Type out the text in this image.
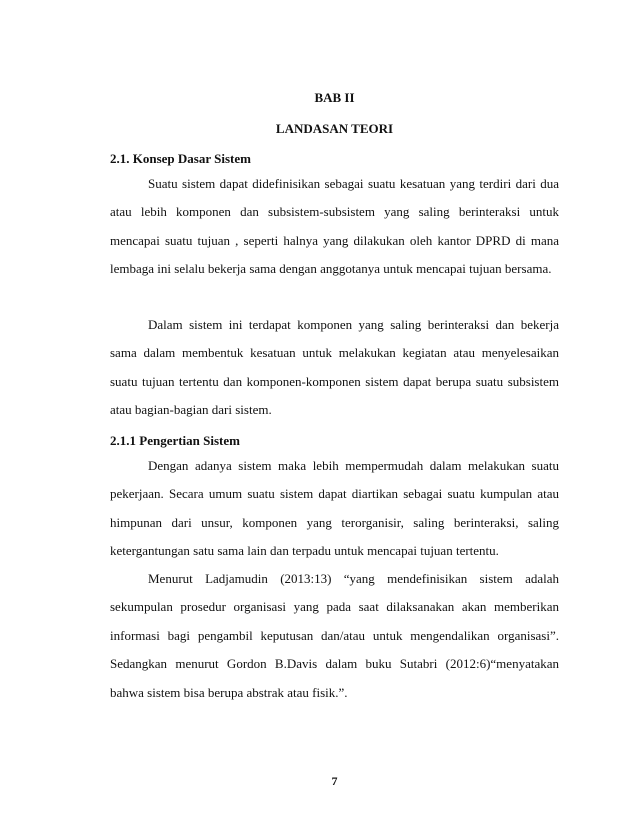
BAB II
LANDASAN TEORI
2.1. Konsep Dasar Sistem

Suatu sistem dapat didefinisikan sebagai suatu kesatuan yang terdiri dari dua atau lebih komponen dan subsistem-subsistem yang saling berinteraksi untuk mencapai suatu tujuan , seperti halnya yang dilakukan oleh kantor DPRD di mana lembaga ini selalu bekerja sama dengan anggotanya untuk mencapai tujuan bersama.

Dalam sistem ini terdapat komponen yang saling berinteraksi dan bekerja sama dalam membentuk kesatuan untuk melakukan kegiatan atau menyelesaikan suatu tujuan tertentu dan komponen-komponen sistem dapat berupa suatu subsistem atau bagian-bagian dari sistem.

2.1.1 Pengertian Sistem

Dengan adanya sistem maka lebih mempermudah dalam melakukan suatu pekerjaan. Secara umum suatu sistem dapat diartikan sebagai suatu kumpulan atau himpunan dari unsur, komponen yang terorganisir, saling berinteraksi, saling ketergantungan satu sama lain dan terpadu untuk mencapai tujuan tertentu.

Menurut Ladjamudin (2013:13) “yang mendefinisikan sistem adalah sekumpulan prosedur organisasi yang pada saat dilaksanakan akan memberikan informasi bagi pengambil keputusan dan/atau untuk mengendalikan organisasi”. Sedangkan menurut Gordon B.Davis dalam buku Sutabri (2012:6)“menyatakan bahwa sistem bisa berupa abstrak atau fisik.”.

7
